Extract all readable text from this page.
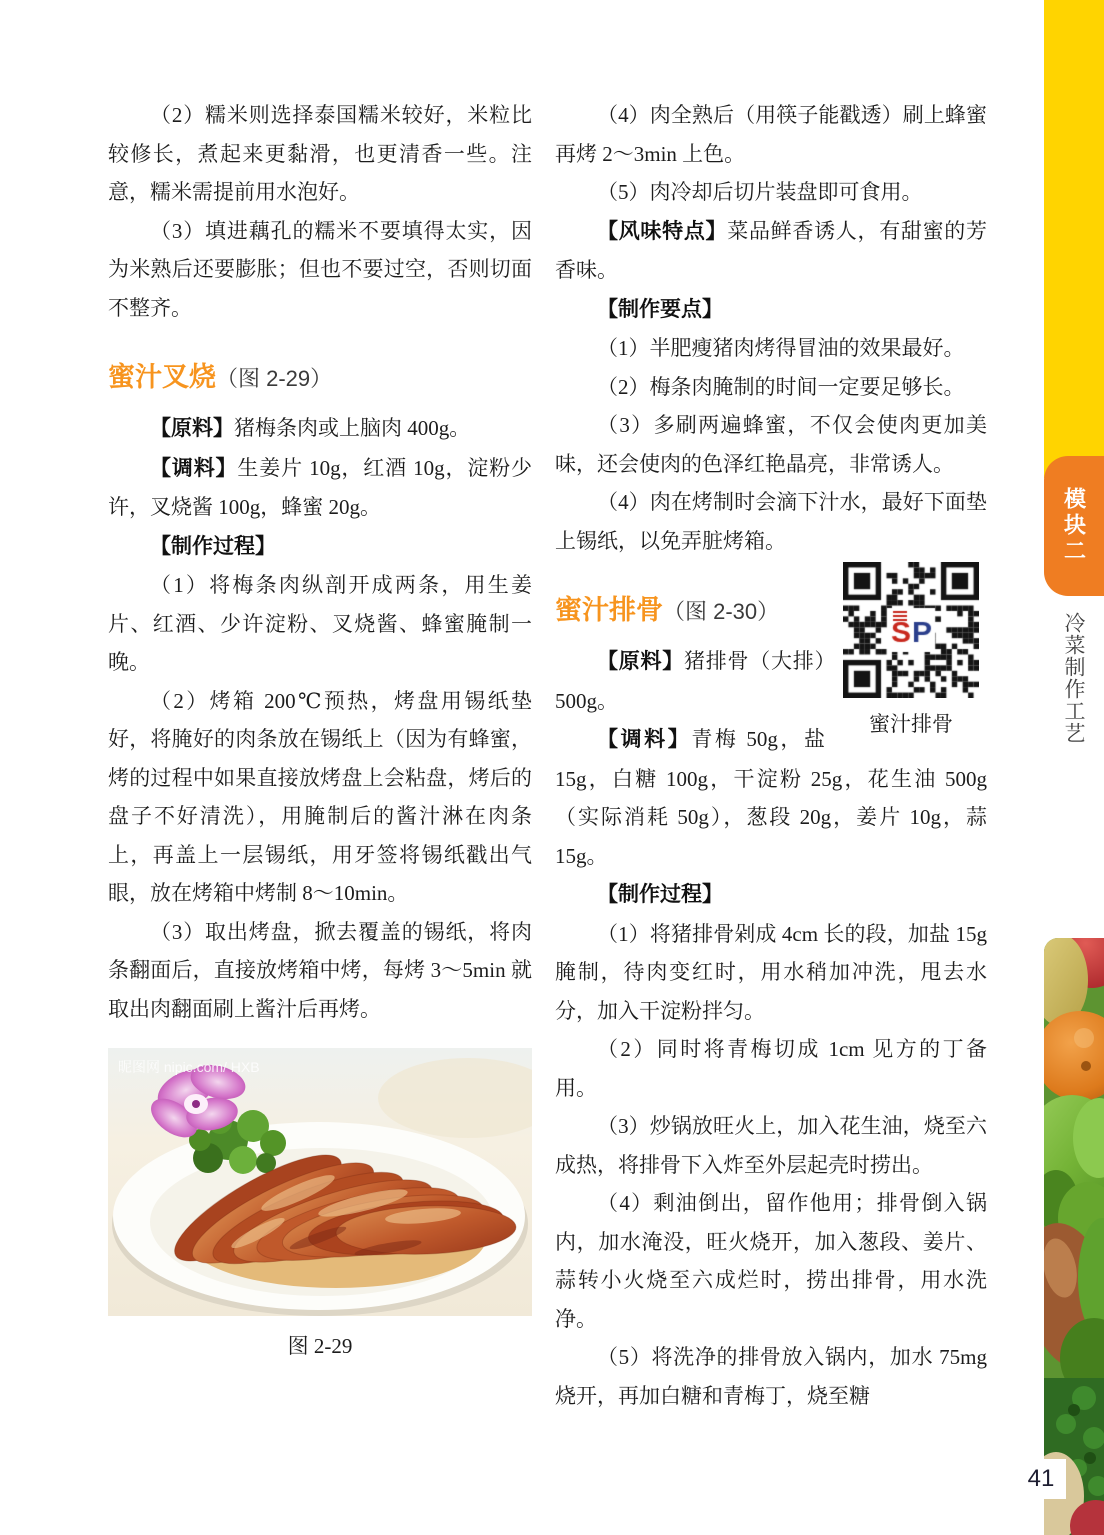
（2）糯米则选择泰国糯米较好，米粒比较修长，煮起来更黏滑，也更清香一些。注意，糯米需提前用水泡好。

（3）填进藕孔的糯米不要填得太实，因为米熟后还要膨胀；但也不要过空，否则切面不整齐。

蜜汁叉烧（图 2-29）

【原料】猪梅条肉或上脑肉 400g。

【调料】生姜片 10g，红酒 10g，淀粉少许，叉烧酱 100g，蜂蜜 20g。

【制作过程】

（1）将梅条肉纵剖开成两条，用生姜片、红酒、少许淀粉、叉烧酱、蜂蜜腌制一晚。

（2）烤箱 200℃预热，烤盘用锡纸垫好，将腌好的肉条放在锡纸上（因为有蜂蜜，烤的过程中如果直接放烤盘上会粘盘，烤后的盘子不好清洗），用腌制后的酱汁淋在肉条上，再盖上一层锡纸，用牙签将锡纸戳出气眼，放在烤箱中烤制 8～10min。

（3）取出烤盘，掀去覆盖的锡纸，将肉条翻面后，直接放烤箱中烤，每烤 3～5min 就取出肉翻面刷上酱汁后再烤。

昵图网 nipic.com/ HXB
图 2-29

（4）肉全熟后（用筷子能戳透）刷上蜂蜜再烤 2～3min 上色。

（5）肉冷却后切片装盘即可食用。

【风味特点】菜品鲜香诱人，有甜蜜的芳香味。

【制作要点】

（1）半肥瘦猪肉烤得冒油的效果最好。

（2）梅条肉腌制的时间一定要足够长。

（3）多刷两遍蜂蜜，不仅会使肉更加美味，还会使肉的色泽红艳晶亮，非常诱人。

（4）肉在烤制时会滴下汁水，最好下面垫上锡纸，以免弄脏烤箱。

蜜汁排骨
蜜汁排骨（图 2-30）

【原料】猪排骨（大排）500g。

【调料】青梅 50g，盐 15g，白糖 100g，干淀粉 25g，花生油 500g（实际消耗 50g），葱段 20g，姜片 10g，蒜 15g。

【制作过程】

（1）将猪排骨剁成 4cm 长的段，加盐 15g 腌制，待肉变红时，用水稍加冲洗，甩去水分，加入干淀粉拌匀。

（2）同时将青梅切成 1cm 见方的丁备用。

（3）炒锅放旺火上，加入花生油，烧至六成热，将排骨下入炸至外层起壳时捞出。

（4）剩油倒出，留作他用；排骨倒入锅内，加水淹没，旺火烧开，加入葱段、姜片、蒜转小火烧至六成烂时，捞出排骨，用水洗净。

（5）将洗净的排骨放入锅内，加水 75mg 烧开，再加白糖和青梅丁，烧至糖

模块二
冷菜制作工艺
41
